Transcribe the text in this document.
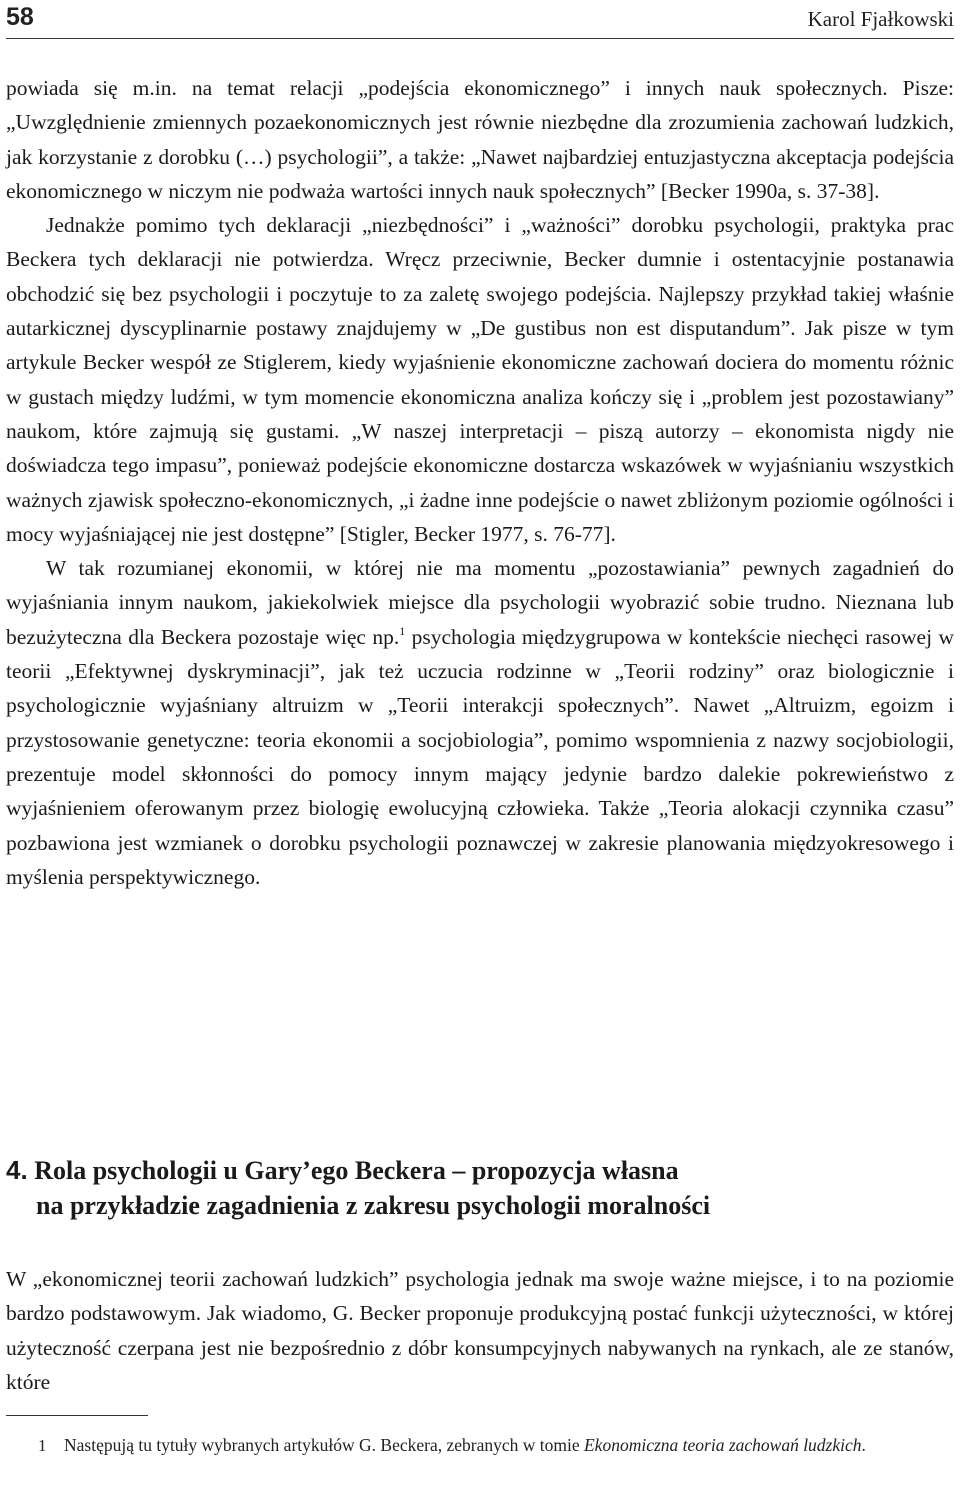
58	Karol Fjałkowski

powiada się m.in. na temat relacji „podejścia ekonomicznego” i innych nauk społecznych. Pisze: „Uwzględnienie zmiennych pozaekonomicznych jest równie niezbędne dla zrozumienia zachowań ludzkich, jak korzystanie z dorobku (…) psychologii”, a także: „Nawet najbardziej entuzjastyczna akceptacja podejścia ekonomicznego w niczym nie podważa wartości innych nauk społecznych” [Becker 1990a, s. 37-38].

Jednakże pomimo tych deklaracji „niezbędności” i „ważności” dorobku psychologii, praktyka prac Beckera tych deklaracji nie potwierdza. Wręcz przeciwnie, Becker dumnie i ostentacyjnie postanawia obchodzić się bez psychologii i poczytuje to za zaletę swojego podejścia. Najlepszy przykład takiej właśnie autarkicznej dyscyplinarnie postawy znajdujemy w „De gustibus non est disputandum”. Jak pisze w tym artykule Becker wespół ze Stiglerem, kiedy wyjaśnienie ekonomiczne zachowań dociera do momentu różnic w gustach między ludźmi, w tym momencie ekonomiczna analiza kończy się i „problem jest pozostawiany” naukom, które zajmują się gustami. „W naszej interpretacji – piszą autorzy – ekonomista nigdy nie doświadcza tego impasu”, ponieważ podejście ekonomiczne dostarcza wskazówek w wyjaśnianiu wszystkich ważnych zjawisk społeczno-ekonomicznych, „i żadne inne podejście o nawet zbliżonym poziomie ogólności i mocy wyjaśniającej nie jest dostępne” [Stigler, Becker 1977, s. 76-77].

W tak rozumianej ekonomii, w której nie ma momentu „pozostawiania” pewnych zagadnień do wyjaśniania innym naukom, jakiekolwiek miejsce dla psychologii wyobrazić sobie trudno. Nieznana lub bezużyteczna dla Beckera pozostaje więc np.$^1$ psychologia międzygrupowa w kontekście niechęci rasowej w teorii „Efektywnej dyskryminacji”, jak też uczucia rodzinne w „Teorii rodziny” oraz biologicznie i psychologicznie wyjaśniany altruizm w „Teorii interakcji społecznych”. Nawet „Altruizm, egoizm i przystosowanie genetyczne: teoria ekonomii a socjobiologia”, pomimo wspomnienia z nazwy socjobiologii, prezentuje model skłonności do pomocy innym mający jedynie bardzo dalekie pokrewieństwo z wyjaśnieniem oferowanym przez biologię ewolucyjną człowieka. Także „Teoria alokacji czynnika czasu” pozbawiona jest wzmianek o dorobku psychologii poznawczej w zakresie planowania międzyokresowego i myślenia perspektywicznego.

4. Rola psychologii u Gary’ego Beckera – propozycja własna
na przykładzie zagadnienia z zakresu psychologii moralności

W „ekonomicznej teorii zachowań ludzkich” psychologia jednak ma swoje ważne miejsce, i to na poziomie bardzo podstawowym. Jak wiadomo, G. Becker proponuje produkcyjną postać funkcji użyteczności, w której użyteczność czerpana jest nie bezpośrednio z dóbr konsumpcyjnych nabywanych na rynkach, ale ze stanów, które

1 Następują tu tytuły wybranych artykułów G. Beckera, zebranych w tomie Ekonomiczna teoria zachowań ludzkich.
